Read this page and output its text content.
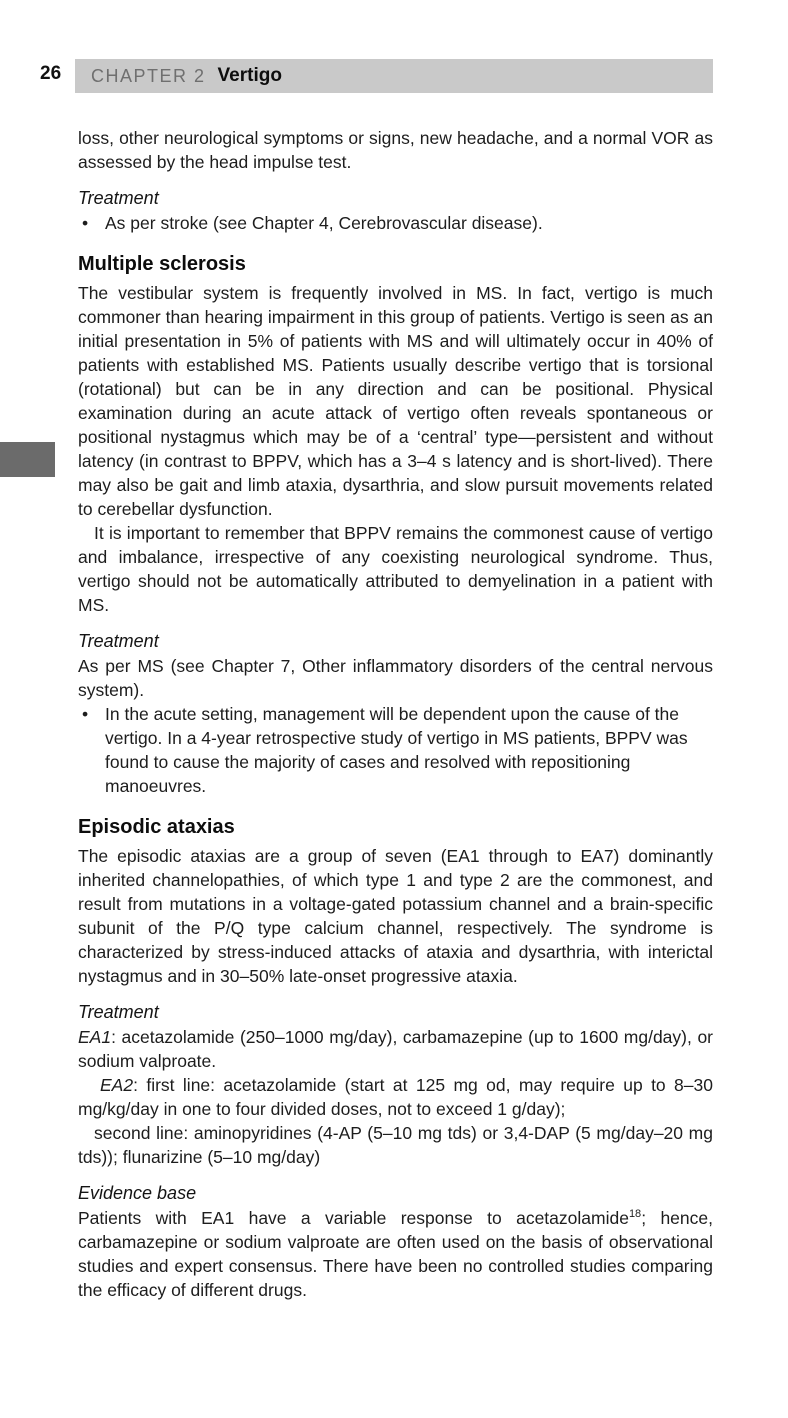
26 CHAPTER 2 Vertigo

loss, other neurological symptoms or signs, new headache, and a normal VOR as assessed by the head impulse test.

Treatment

• As per stroke (see Chapter 4, Cerebrovascular disease).

Multiple sclerosis

The vestibular system is frequently involved in MS. In fact, vertigo is much commoner than hearing impairment in this group of patients. Vertigo is seen as an initial presentation in 5% of patients with MS and will ultimately occur in 40% of patients with established MS. Patients usually describe vertigo that is torsional (rotational) but can be in any direction and can be positional. Physical examination during an acute attack of vertigo often reveals spontaneous or positional nystagmus which may be of a ‘central’ type—persistent and without latency (in contrast to BPPV, which has a 3–4 s latency and is short-lived). There may also be gait and limb ataxia, dysarthria, and slow pursuit movements related to cerebellar dysfunction.

It is important to remember that BPPV remains the commonest cause of vertigo and imbalance, irrespective of any coexisting neurological syndrome. Thus, vertigo should not be automatically attributed to demyelination in a patient with MS.

Treatment

As per MS (see Chapter 7, Other inflammatory disorders of the central nervous system).

• In the acute setting, management will be dependent upon the cause of the vertigo. In a 4-year retrospective study of vertigo in MS patients, BPPV was found to cause the majority of cases and resolved with repositioning manoeuvres.

Episodic ataxias

The episodic ataxias are a group of seven (EA1 through to EA7) dominantly inherited channelopathies, of which type 1 and type 2 are the commonest, and result from mutations in a voltage-gated potassium channel and a brain-specific subunit of the P/Q type calcium channel, respectively. The syndrome is characterized by stress-induced attacks of ataxia and dysarthria, with interictal nystagmus and in 30–50% late-onset progressive ataxia.

Treatment

EA1: acetazolamide (250–1000 mg/day), carbamazepine (up to 1600 mg/day), or sodium valproate.

EA2: first line: acetazolamide (start at 125 mg od, may require up to 8–30 mg/kg/day in one to four divided doses, not to exceed 1 g/day);

second line: aminopyridines (4-AP (5–10 mg tds) or 3,4-DAP (5 mg/day–20 mg tds)); flunarizine (5–10 mg/day)

Evidence base

Patients with EA1 have a variable response to acetazolamide$^{18}$; hence, carbamazepine or sodium valproate are often used on the basis of observational studies and expert consensus. There have been no controlled studies comparing the efficacy of different drugs.
